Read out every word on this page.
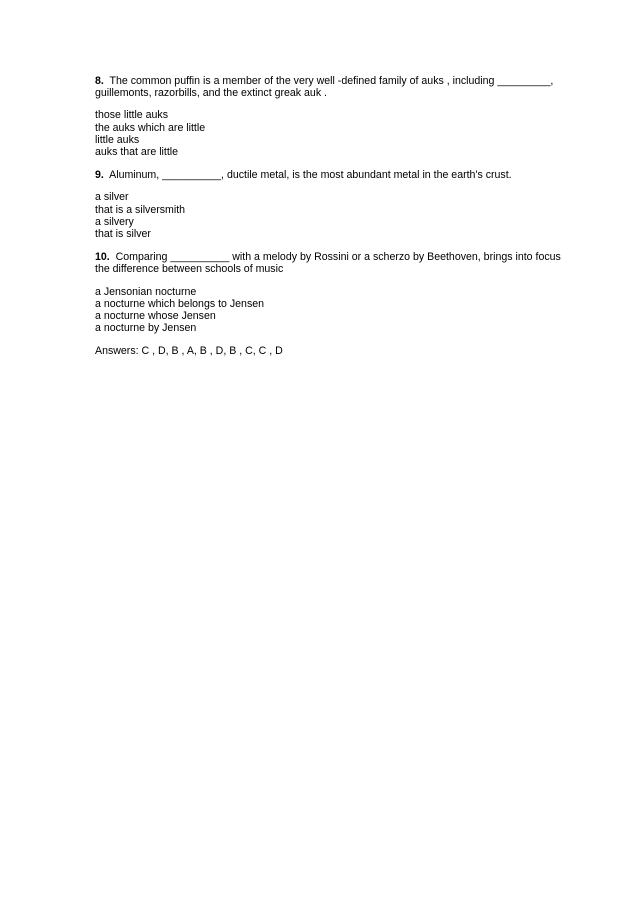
8. The common puffin is a member of the very well -defined family of auks , including _________, guillemonts, razorbills, and the extinct greak auk .

those little auks
the auks which are little
little auks
auks that are little

9. Aluminum, __________, ductile metal, is the most abundant metal in the earth's crust.

a silver
that is a silversmith
a silvery
that is silver

10. Comparing __________ with a melody by Rossini or a scherzo by Beethoven, brings into focus the difference between schools of music

a Jensonian nocturne
a nocturne which belongs to Jensen
a nocturne whose Jensen
a nocturne by Jensen

Answers: C , D, B , A, B , D, B , C, C , D
